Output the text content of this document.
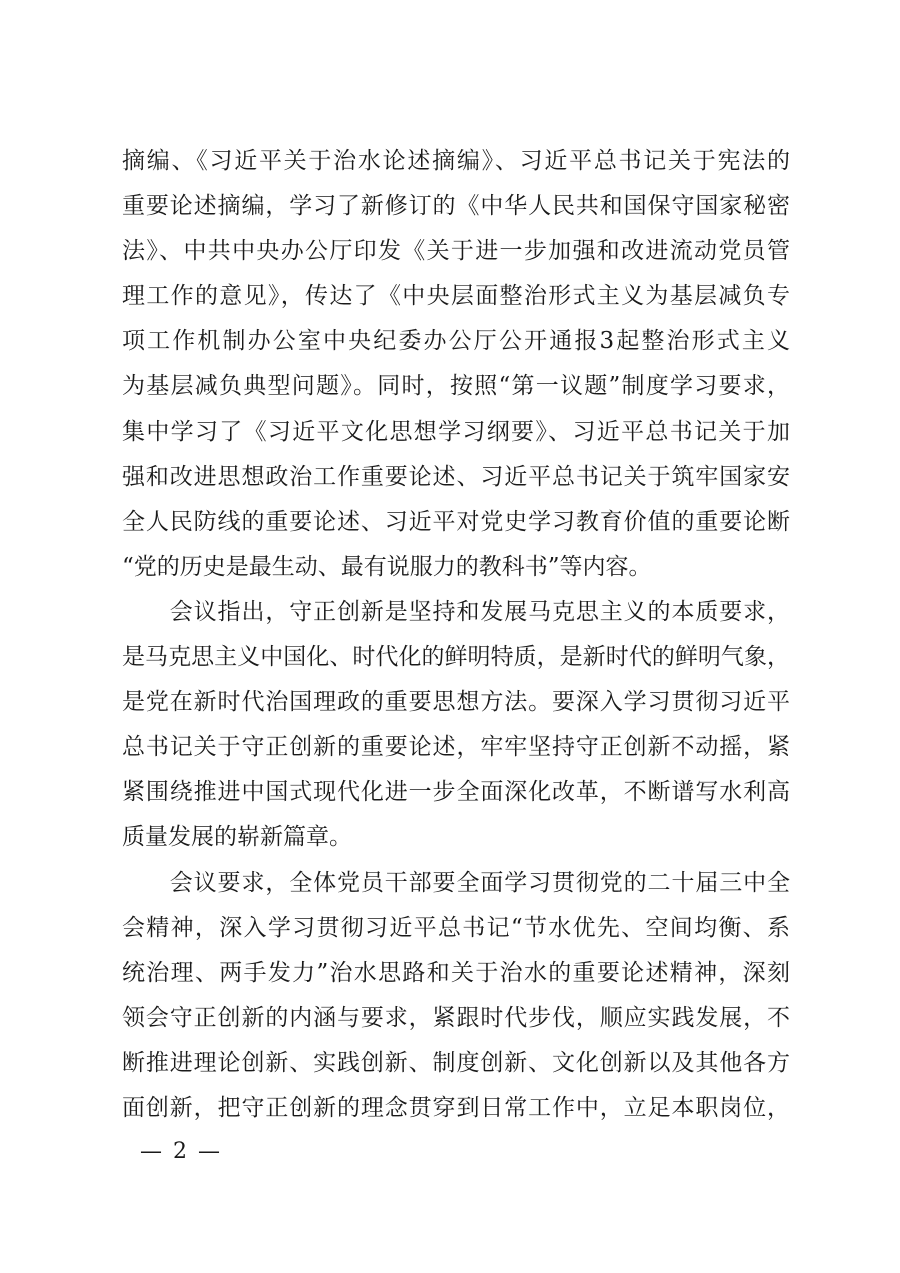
摘编、《习近平关于治水论述摘编》、习近平总书记关于宪法的
重要论述摘编，学习了新修订的《中华人民共和国保守国家秘密
法》、中共中央办公厅印发《关于进一步加强和改进流动党员管
理工作的意见》，传达了《中央层面整治形式主义为基层减负专
项工作机制办公室中央纪委办公厅公开通报3起整治形式主义
为基层减负典型问题》。同时，按照“第一议题”制度学习要求，
集中学习了《习近平文化思想学习纲要》、习近平总书记关于加
强和改进思想政治工作重要论述、习近平总书记关于筑牢国家安
全人民防线的重要论述、习近平对党史学习教育价值的重要论断
“党的历史是最生动、最有说服力的教科书”等内容。
　　会议指出，守正创新是坚持和发展马克思主义的本质要求，
是马克思主义中国化、时代化的鲜明特质，是新时代的鲜明气象，
是党在新时代治国理政的重要思想方法。要深入学习贯彻习近平
总书记关于守正创新的重要论述，牢牢坚持守正创新不动摇，紧
紧围绕推进中国式现代化进一步全面深化改革，不断谱写水利高
质量发展的崭新篇章。
　　会议要求，全体党员干部要全面学习贯彻党的二十届三中全
会精神，深入学习贯彻习近平总书记“节水优先、空间均衡、系
统治理、两手发力”治水思路和关于治水的重要论述精神，深刻
领会守正创新的内涵与要求，紧跟时代步伐，顺应实践发展，不
断推进理论创新、实践创新、制度创新、文化创新以及其他各方
面创新，把守正创新的理念贯穿到日常工作中，立足本职岗位，
— 2 —
